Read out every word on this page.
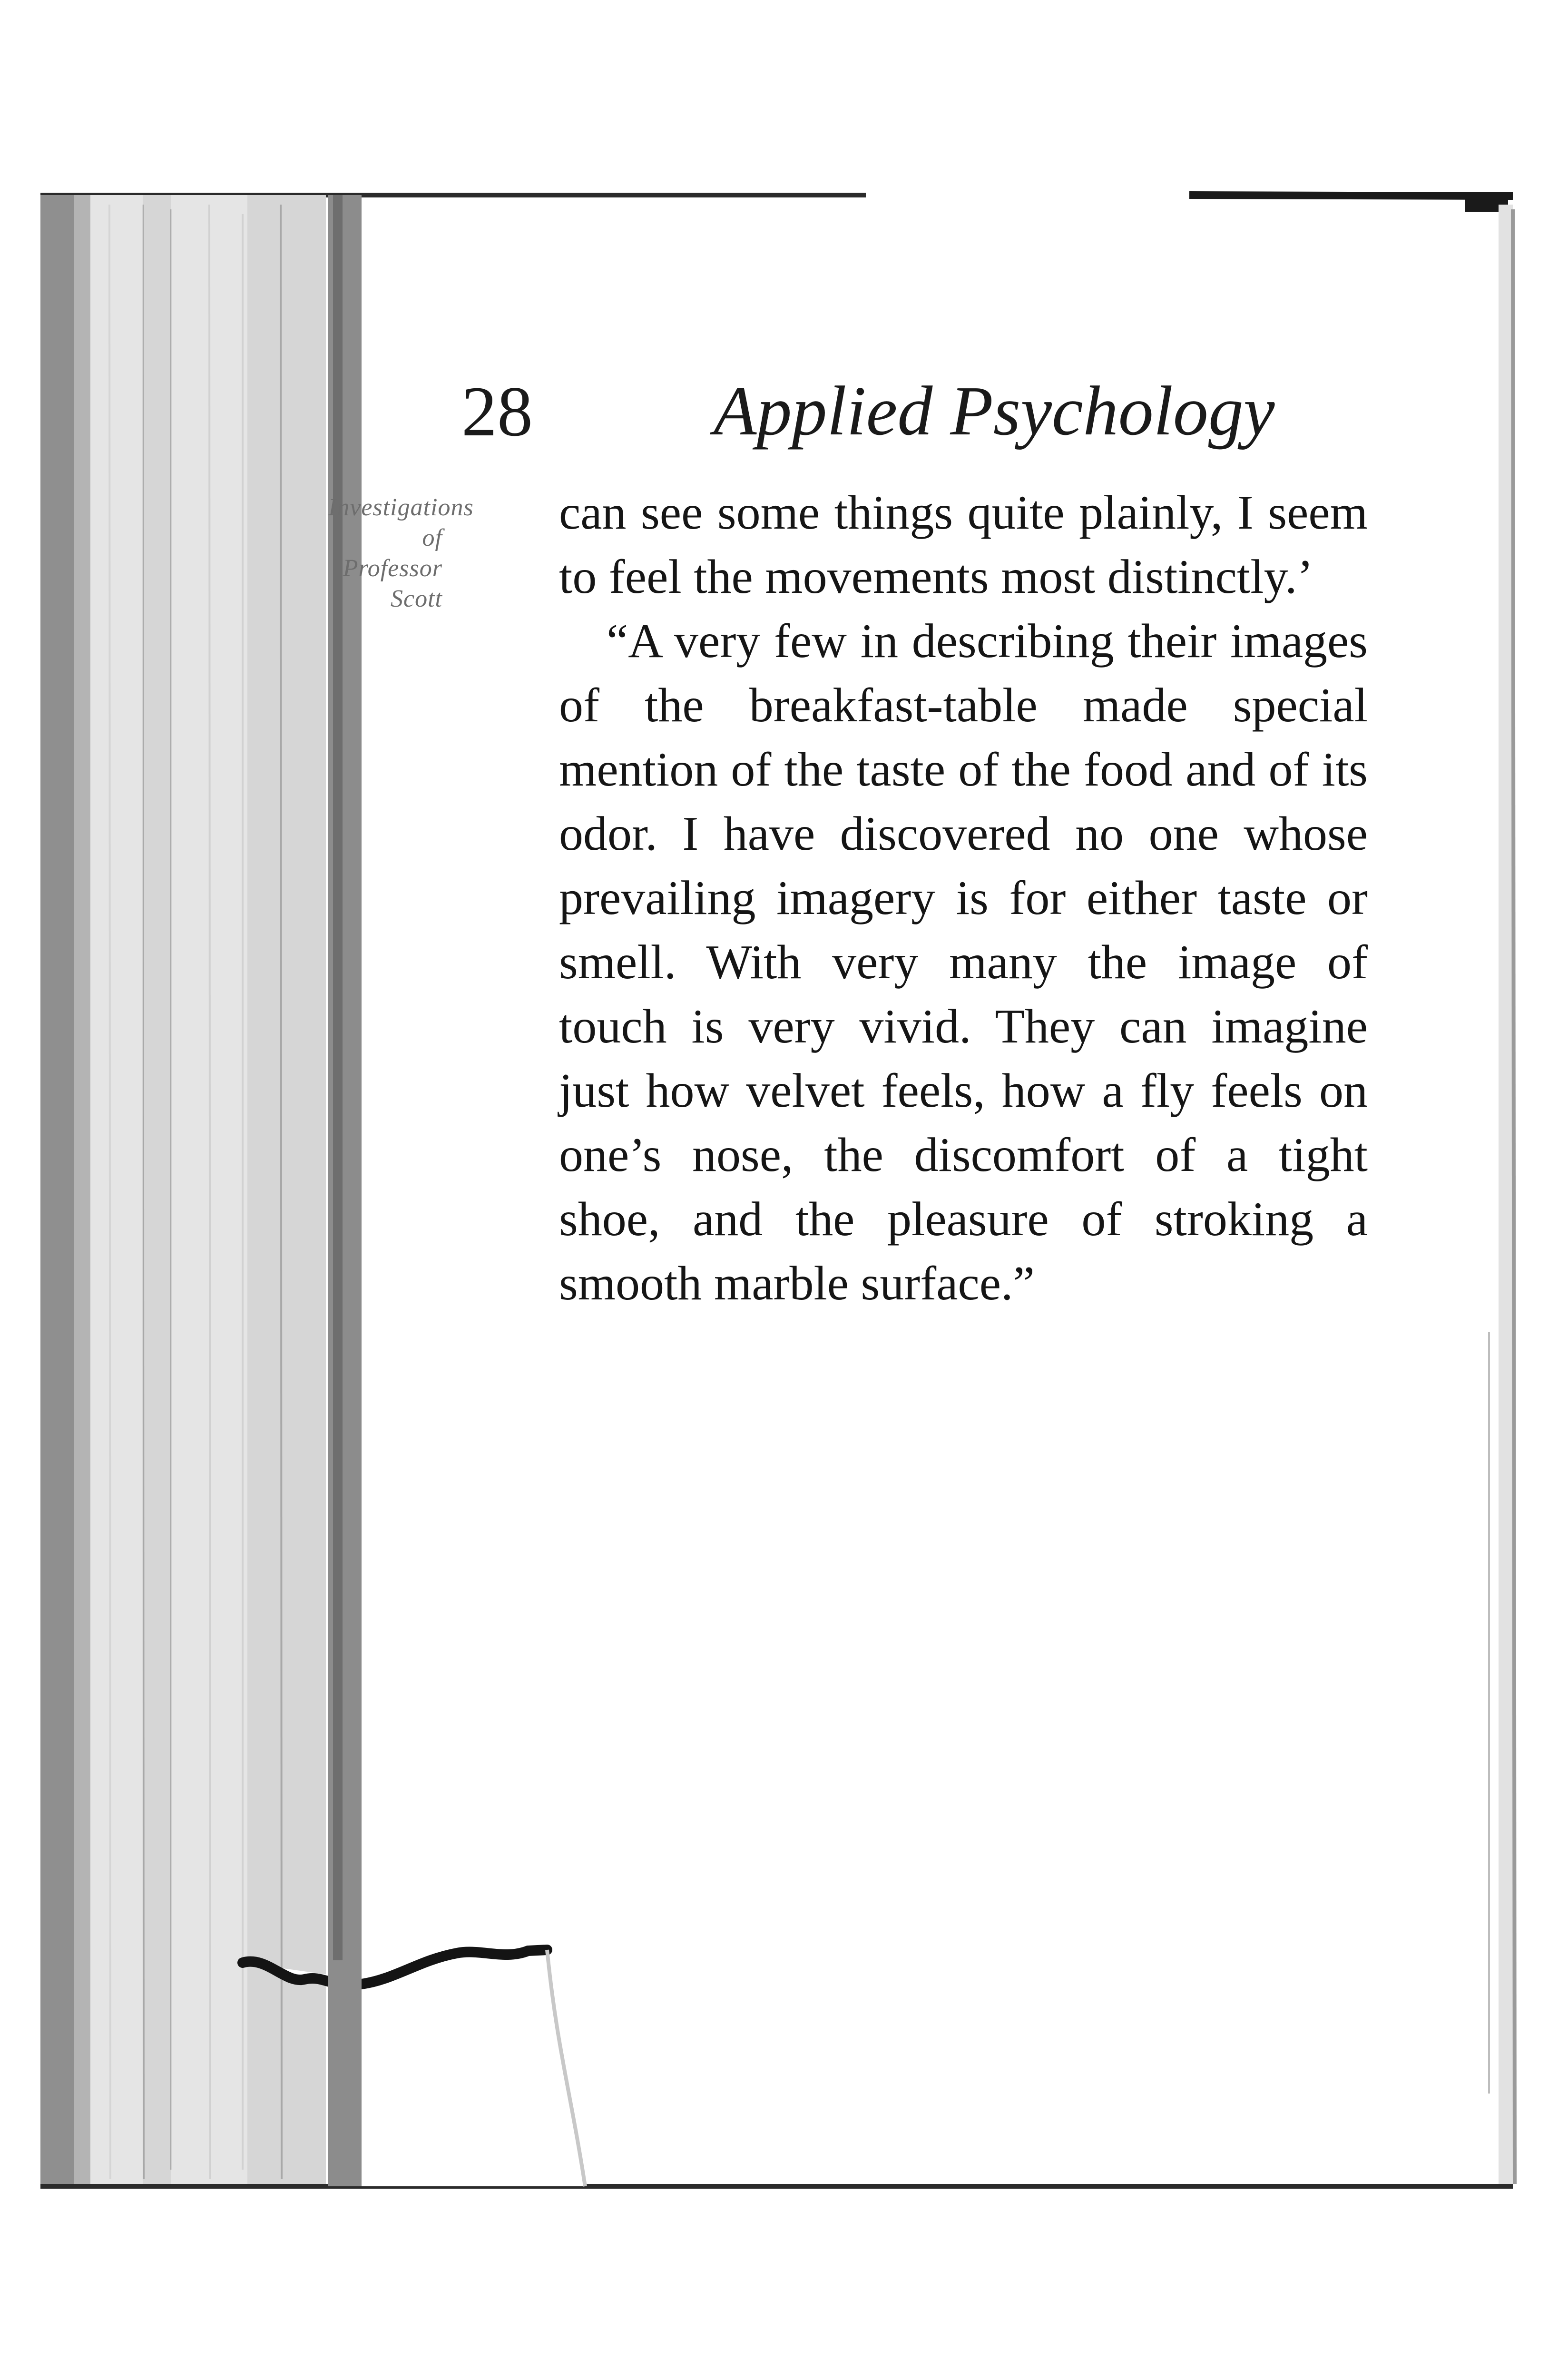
28	Applied Psychology
Investigations
of Professor
Scott

can see some things quite plainly, I seem to feel the movements most distinctly.’

“A very few in describing their images of the breakfast-table made special mention of the taste of the food and of its odor. I have discovered no one whose prevailing imagery is for either taste or smell. With very many the image of touch is very vivid. They can imagine just how velvet feels, how a fly feels on one’s nose, the discomfort of a tight shoe, and the pleasure of stroking a smooth marble surface.”
